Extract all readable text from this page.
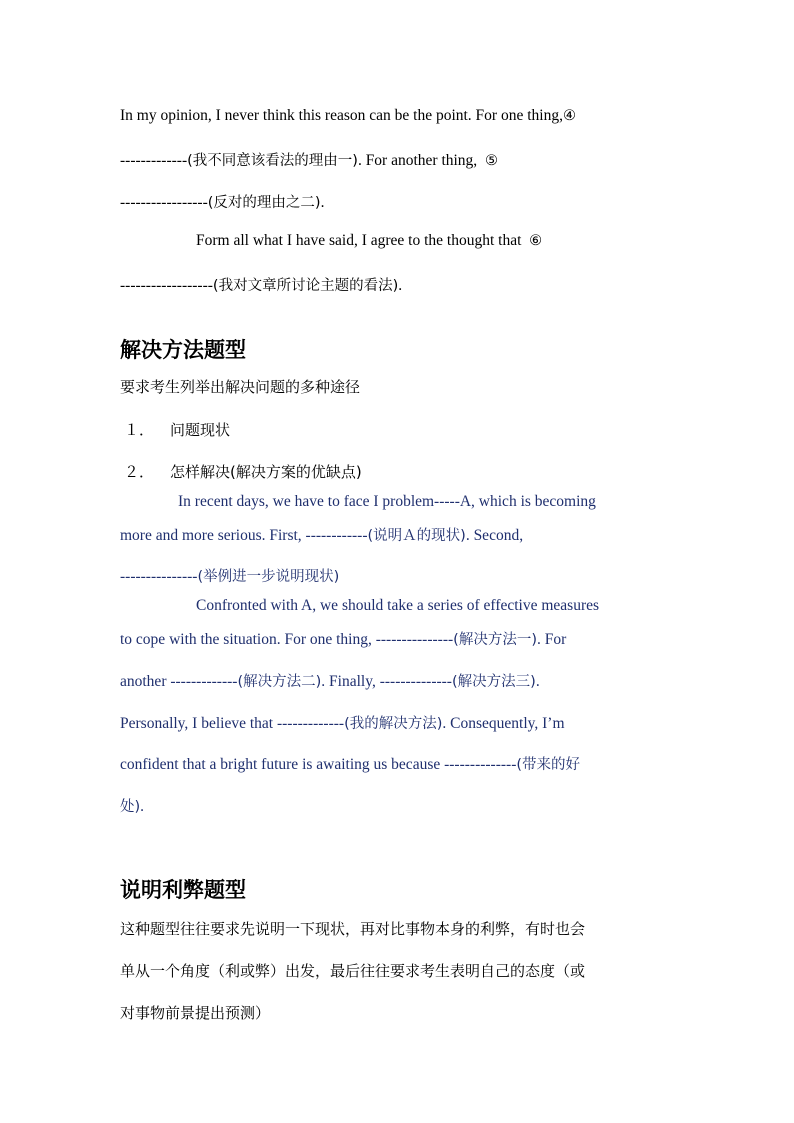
In my opinion, I never think this reason can be the point. For one thing,④
-------------(我不同意该看法的理由一). For another thing, ⑤
-----------------(反对的理由之二).
Form all what I have said, I agree to the thought that ⑥
------------------(我对文章所讨论主题的看法).
解决方法题型
要求考生列举出解决问题的多种途径
１． 问题现状
２． 怎样解决(解决方案的优缺点)
In recent days, we have to face I problem-----A, which is becoming
more and more serious. First, ------------(说明Ａ的现状). Second,
---------------(举例进一步说明现状)
Confronted with A, we should take a series of effective measures
to cope with the situation. For one thing, ---------------(解决方法一). For
another -------------(解决方法二). Finally, --------------(解决方法三).
Personally, I believe that -------------(我的解决方法). Consequently, I’m
confident that a bright future is awaiting us because --------------(带来的好
处).
说明利弊题型
这种题型往往要求先说明一下现状，再对比事物本身的利弊，有时也会
单从一个角度（利或弊）出发，最后往往要求考生表明自己的态度（或
对事物前景提出预测）
